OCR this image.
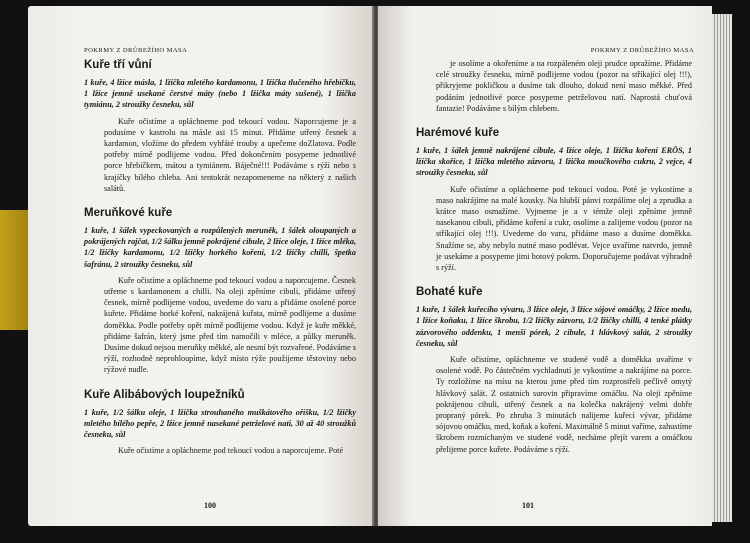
POKRMY Z DRŮBEŽÍHO MASA
Kuře tří vůní

1 kuře, 4 lžíce másla, 1 lžička mletého kardamonu, 1 lžička tlučeného hřebíčku, 1 lžíce jemně usekané čerstvé máty (nebo 1 lžička máty sušené), 1 lžička tymiánu, 2 stroužky česneku, sůl

Kuře očistíme a opláchneme pod tekoucí vodou. Naporcujeme je a podusíme v kastrolu na másle asi 15 minut. Přidáme utřený česnek a kardamon, vložíme do předem vyhřáté trouby a upečeme doZlatova. Podle potřeby mírně podlijeme vodou. Před dokončením posypeme jednotlivé porce hřebíčkem, mátou a tymiánem. Báječné!!! Podáváme s rýží nebo s krajíčky bílého chleba. Ani tentokrát nezapomeneme na některý z našich salátů.

Meruňkové kuře

1 kuře, 1 šálek vypeckovaných a rozpůlených meruněk, 1 šálek oloupaných a pokrájených rajčat, 1/2 šálku jemně pokrájené cibule, 2 lžíce oleje, 1 lžíce mléka, 1/2 lžičky kardamonu, 1/2 lžičky horkého koření, 1/2 lžičky chilli, špetka šafránu, 2 stroužky česneku, sůl

Kuře očistíme a opláchneme pod tekoucí vodou a naporcujeme. Česnek utřeme s kardamonem a chilli. Na oleji zpěníme cibuli, přidáme utřený česnek, mírně podlijeme vodou, uvedeme do varu a přidáme osolené porce kuřete. Přidáme horké koření, nakrájená kuřata, mírně podlijeme a dusíme doměkka. Podle potřeby opět mírně podlijeme vodou. Když je kuře měkké, přidáme šafrán, který jsme před tím namočili v mléce, a půlky meruněk. Dusíme dokud nejsou meruňky měkké, ale nesmí být rozvařené. Podáváme s rýží, rozhodně neprohloupíme, když místo rýže použijeme těstoviny nebo rýžové nudle.

Kuře Alibábových loupežníků

1 kuře, 1/2 šálku oleje, 1 lžička strouhaného muškátového oříšku, 1/2 lžičky mletého bílého pepře, 2 lžíce jemně nasekané petrželové nati, 30 až 40 stroužků česneku, sůl

Kuře očistíme a opláchneme pod tekoucí vodou a naporcujeme. Poté

100
POKRMY Z DRŮBEŽÍHO MASA

je osolíme a okořeníme a na rozpáleném oleji prudce opražíme. Přidáme celé stroužky česneku, mírně podlijeme vodou (pozor na stříkající olej !!!), přikryjeme pokličkou a dusíme tak dlouho, dokud není maso měkké. Před podáním jednotlivé porce posypeme petrželovou natí. Naprostá chuťová fantazie! Podáváme s bílým chlebem.

Harémové kuře

1 kuře, 1 šálek jemně nakrájené cibule, 4 lžíce oleje, 1 lžička koření ERÖS, 1 lžička skořice, 1 lžička mletého zázvoru, 1 lžička moučkového cukru, 2 vejce, 4 stroužky česneku, sůl

Kuře očistíme a opláchneme pod tekoucí vodou. Poté je vykostíme a maso nakrájíme na malé kousky. Na hlubší pánvi rozpálíme olej a zprudka a krátce maso osmažíme. Vyjmeme je a v témže oleji zpěníme jemně nasekanou cibuli, přidáme koření a cukr, osolíme a zalijeme vodou (pozor na stříkající olej !!!). Uvedeme do varu, přidáme maso a dusíme doměkka. Snažíme se, aby nebylo nutné maso podlévat. Vejce uvaříme natvrdo, jemně je usekáme a posypeme jimi hotový pokrm. Doporučujeme podávat výhradně s rýží.

Bohaté kuře

1 kuře, 1 šálek kuřecího vývaru, 3 lžíce oleje, 3 lžíce sójové omáčky, 2 lžíce medu, 1 lžíce koňaku, 1 lžíce škrobu, 1/2 lžičky zázvoru, 1/2 lžičky chilli, 4 tenké plátky zázvorového oddenku, 1 menší pórek, 2 cibule, 1 hlávkový salát, 2 stroužky česneku, sůl

Kuře očistíme, opláchneme ve studené vodě a doměkka uvaříme v osolené vodě. Po částečném vychladnutí je vykostíme a nakrájíme na porce. Ty rozložíme na mísu na kterou jsme před tím rozprostřeli pečlivě omytý hlávkový salát. Z ostatních surovin připravíme omáčku. Na oleji zpěníme pokrájenou cibuli, utřený česnek a na kolečka nakrájený velmi dobře propraný pórek. Po zhruba 3 minutách nalijeme kuřecí vývar, přidáme sójovou omáčku, med, koňak a koření. Maximálně 5 minut vaříme, zahustíme škrobem rozmíchaným ve studené vodě, necháme přejít varem a omáčkou přelijeme porce kuřete. Podáváme s rýží.

101
